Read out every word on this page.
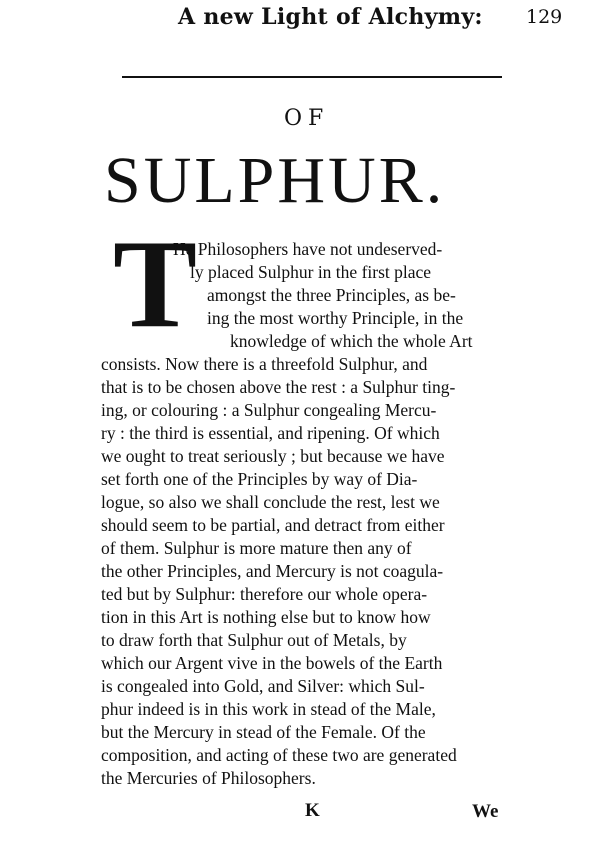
A new Light of Alchymy: 129
OF
SULPHUR.
T
He Philosophers have not undeserved-
ly placed Sulphur in the first place
amongst the three Principles, as be-
ing the most worthy Principle, in the
knowledge of which the whole Art
consists. Now there is a threefold Sulphur, and
that is to be chosen above the rest : a Sulphur ting-
ing, or colouring : a Sulphur congealing Mercu-
ry : the third is essential, and ripening. Of which
we ought to treat seriously ; but because we have
set forth one of the Principles by way of Dia-
logue, so also we shall conclude the rest, lest we
should seem to be partial, and detract from either
of them. Sulphur is more mature then any of
the other Principles, and Mercury is not coagula-
ted but by Sulphur: therefore our whole opera-
tion in this Art is nothing else but to know how
to draw forth that Sulphur out of Metals, by
which our Argent vive in the bowels of the Earth
is congealed into Gold, and Silver: which Sul-
phur indeed is in this work in stead of the Male,
but the Mercury in stead of the Female. Of the
composition, and acting of these two are generated
the Mercuries of Philosophers.
K	We
